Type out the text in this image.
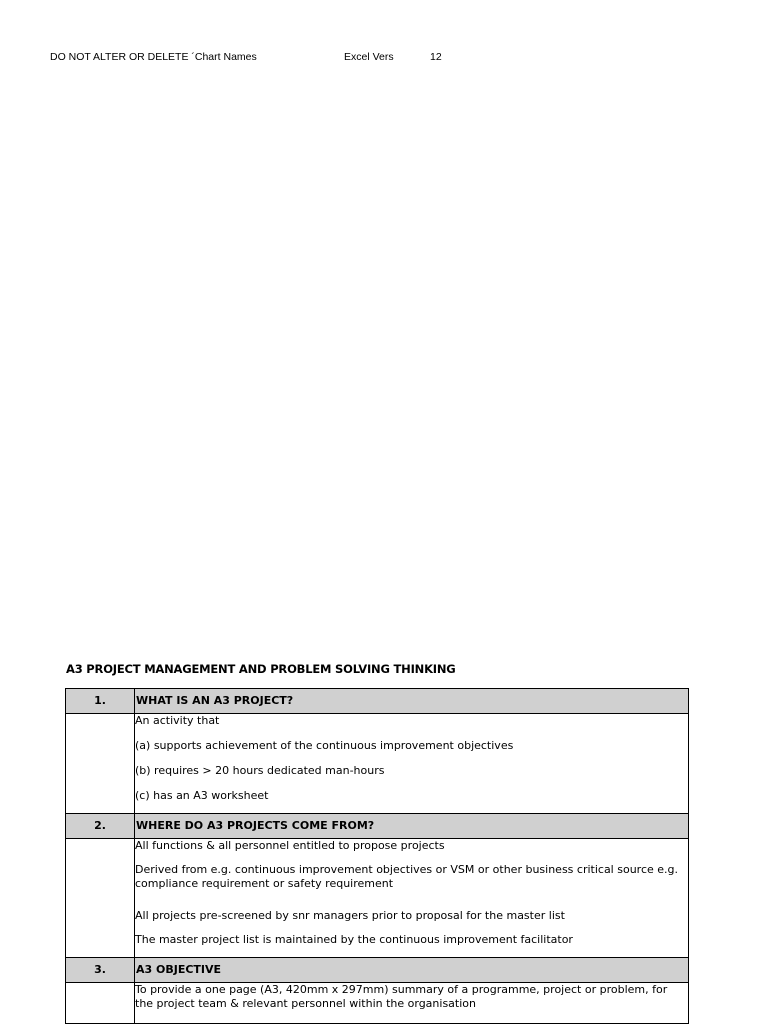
DO NOT ALTER OR DELETE ´Chart Names	Excel Vers	12
A3 PROJECT MANAGEMENT AND PROBLEM SOLVING THINKING
1.	WHAT IS AN A3 PROJECT?

	An activity that
(a) supports achievement of the continuous improvement objectives
(b) requires > 20 hours dedicated man-hours
(c) has an A3 worksheet

2.	WHERE DO A3 PROJECTS COME FROM?

	All functions & all personnel entitled to propose projects
Derived from e.g. continuous improvement objectives or VSM or other business critical source e.g. compliance requirement or safety requirement
All projects pre-screened by snr managers prior to proposal for the master list
The master project list is maintained by the continuous improvement facilitator

3.	A3 OBJECTIVE

	To provide a one page (A3, 420mm x 297mm) summary of a programme, project or problem, for the project team & relevant personnel within the organisation
